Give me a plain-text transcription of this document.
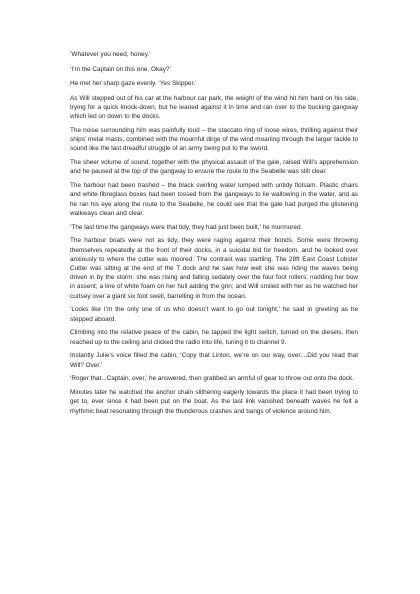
‘Whatever you need, honey.’

‘I’m the Captain on this one. Okay?’

He met her sharp gaze evenly. ‘Yes Skipper.’

As Will stepped out of his car at the harbour car park, the weight of the wind hit him hard on his side, trying for a quick knock-down, but he leaned against it in time and ran over to the bucking gangway which led on down to the docks.

The noise surrounding him was painfully loud – the staccato ring of loose wires, thrilling against their ships’ metal masts, combined with the mournful dirge of the wind moaning through the larger tackle to sound like the last dreadful struggle of an army being put to the sword.

The sheer volume of sound, together with the physical assault of the gale, raised Will’s apprehension and he paused at the top of the gangway to ensure the route to the Seabelle was still clear.

The harbour had been trashed – the black swirling water lumped with untidy flotsam. Plastic chairs and white fibreglass boxes had been tossed from the gangways to lie wallowing in the water, and as he ran his eye along the route to the Seabelle, he could see that the gale had purged the glistening walkways clean and clear.

‘The last time the gangways were that tidy, they had just been built,’ he murmured.

The harbour boats were not as tidy, they were raging against their bonds. Some were throwing themselves repeatedly at the front of their docks, in a suicidal bid for freedom, and he looked over anxiously to where the cutter was moored. The contrast was startling. The 28ft East Coast Lobster Cutter was sitting at the end of the T dock and he saw how well she was riding the waves being driven in by the storm: she was rising and falling sedately over the four foot rollers; nodding her bow in assent; a line of white foam on her hull adding the grin; and Will smiled with her as he watched her curtsey over a giant six foot swell, barrelling in from the ocean.

‘Looks like I’m the only one of us who doesn’t want to go out tonight,’ he said in greeting as he stepped aboard.

Climbing into the relative peace of the cabin, he tapped the light switch, turned on the diesels, then reached up to the ceiling and clicked the radio into life, tuning it to channel 9.

Instantly Julie’s voice filled the cabin, ‘Copy that Linton, we’re on our way, over....Did you read that Will? Over.’

‘Roger that...Captain, over,’ he answered, then grabbed an armful of gear to throw out onto the dock.

Minutes later he watched the anchor chain slithering eagerly towards the place it had been trying to get to, ever since it had been put on the boat. As the last link vanished beneath waves he felt a rhythmic beat resonating through the thunderous crashes and bangs of violence around him.
